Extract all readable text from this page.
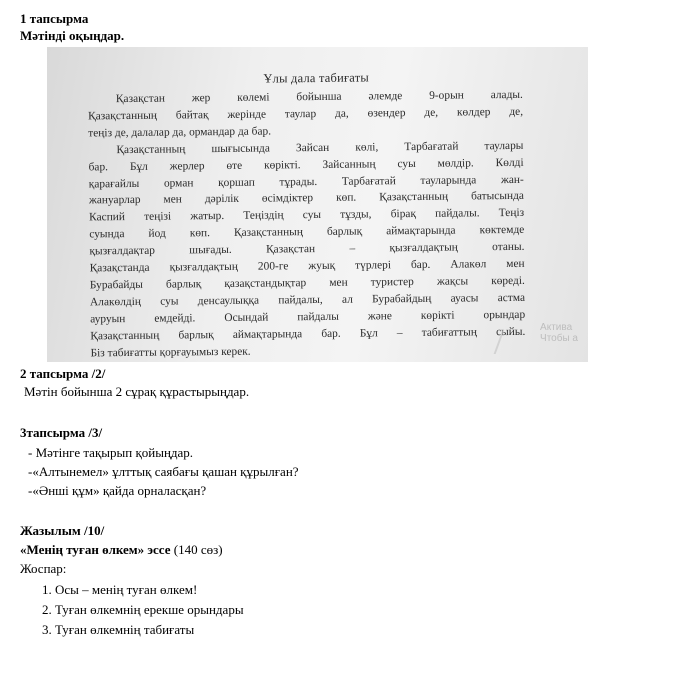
1 тапсырма
Мәтінді оқыңдар.
Ұлы дала табиғаты

Қазақстан жер көлемі бойынша әлемде 9-орын алады.

Қазақстанның байтақ жерінде таулар да, өзендер де, көлдер де,

теңіз де, далалар да, ормандар да бар.

Қазақстанның шығысында Зайсан көлі, Тарбағатай таулары

бар. Бұл жерлер өте көрікті. Зайсанның суы мөлдір. Көлді

қарағайлы орман қоршап тұрады. Тарбағатай тауларында жан-

жануарлар мен дәрілік өсімдіктер көп. Қазақстанның батысында

Каспий теңізі жатыр. Теңіздің суы тұзды, бірақ пайдалы. Теңіз

суында йод көп. Қазақстанның барлық аймақтарында көктемде

қызғалдақтар шығады. Қазақстан – қызғалдақтың отаны.

Қазақстанда қызғалдақтың 200-ге жуық түрлері бар. Алакөл мен

Бурабайды барлық қазақстандықтар мен туристер жақсы көреді.

Алакөлдің суы денсаулыққа пайдалы, ал Бурабайдың ауасы астма

ауруын емдейді. Осындай пайдалы және көрікті орындар

Қазақстанның барлық аймақтарында бар. Бұл – табиғаттың сыйы.

Біз табиғатты қорғауымыз керек.

Актива
Чтобы а
2 тапсырма /2/
Мәтін бойынша 2 сұрақ құрастырыңдар.
3тапсырма /3/
- Мәтінге тақырып қойыңдар.
-«Алтынемел» ұлттық саябағы қашан құрылған?
-«Әнші құм» қайда орналасқан?
Жазылым /10/
«Менің туған өлкем» эссе (140 сөз)
Жоспар:
1. Осы – менің туған өлкем!
2. Туған өлкемнің ерекше орындары
3. Туған өлкемнің табиғаты
